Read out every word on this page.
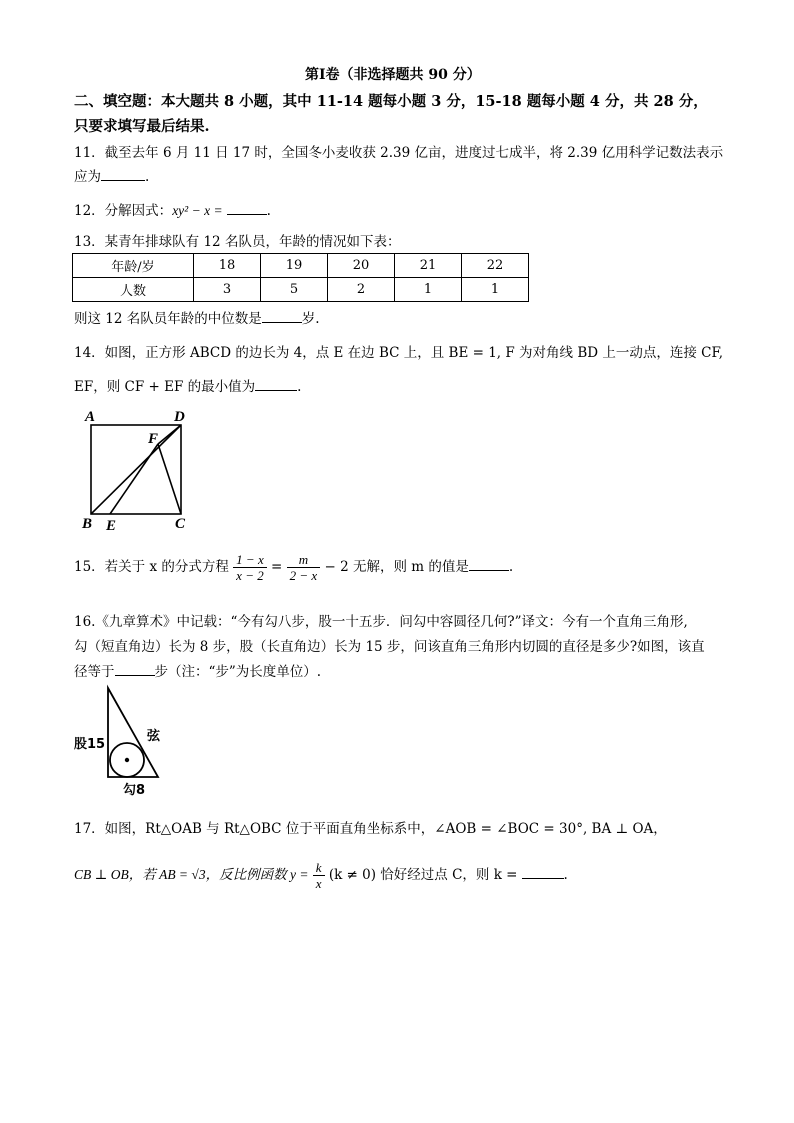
第Ⅰ卷（非选择题共 90 分）
二、填空题：本大题共 8 小题，其中 11-14 题每小题 3 分，15-18 题每小题 4 分，共 28 分，
只要求填写最后结果.
11．截至去年 6 月 11 日 17 时，全国冬小麦收获 2.39 亿亩，进度过七成半，将 2.39 亿用科学记数法表示
应为	.
12．分解因式：xy² − x =	.
13．某青年排球队有 12 名队员，年龄的情况如下表：
年龄/岁	18	19	20	21	22
人数	3	5	2	1	1
则这 12 名队员年龄的中位数是	岁.
14．如图，正方形 ABCD 的边长为 4，点 E 在边 BC 上，且 BE = 1, F 为对角线 BD 上一动点，连接 CF,
EF，则 CF + EF 的最小值为	.
A	D
F
B E	C
15．若关于 x 的分式方程 $\frac{1 - x}{x - 2} = \frac{m}{2 - x} - 2$ 无解，则 m 的值是	.
16.《九章算术》中记载：“今有勾八步，股一十五步．问勾中容圆径几何?”译文：今有一个直角三角形,
勾（短直角边）长为 8 步，股（长直角边）长为 15 步，问该直角三角形内切圆的直径是多少?如图，该直
径等于	步（注：“步”为长度单位）.
股15
弦
勾8
17．如图，Rt△OAB 与 Rt△OBC 位于平面直角坐标系中，∠AOB = ∠BOC = 30°, BA ⊥ OA，
CB ⊥ OB，若 AB = √3，反比例函数 $y = \frac{k}{x} (k \ne 0)$ 恰好经过点 C，则 k =	.
